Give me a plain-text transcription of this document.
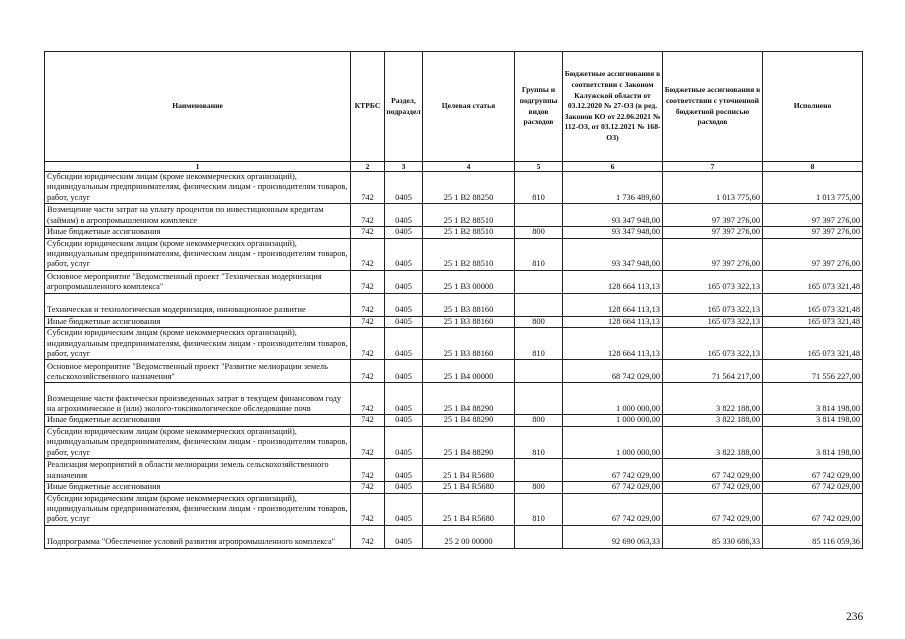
Наименование	КТРБС	Раздел, подраздел	Целевая статья	Группы и подгруппы видов расходов	Бюджетные ассигнования в соответствии с Законом Калужской области от 03.12.2020 № 27-ОЗ (в ред. Законов КО от 22.06.2021 № 112-ОЗ, от 03.12.2021 № 168-ОЗ)	Бюджетные ассигнования в соответствии с уточненной бюджетной росписью расходов	Исполнено
1	2	3	4	5	6	7	8
Субсидии юридическим лицам (кроме некоммерческих организаций), индивидуальным предпринимателям, физическим лицам - производителям товаров, работ, услуг	742	0405	25 1 B2 88250	810	1 736 489,60	1 013 775,60	1 013 775,00
Возмещение части затрат на уплату процентов по инвестиционным кредитам (займам) в агропромышленном комплексе	742	0405	25 1 B2 88510		93 347 948,00	97 397 276,00	97 397 276,00
Иные бюджетные ассигнования	742	0405	25 1 B2 88510	800	93 347 948,00	97 397 276,00	97 397 276,00
Субсидии юридическим лицам (кроме некоммерческих организаций), индивидуальным предпринимателям, физическим лицам - производителям товаров, работ, услуг	742	0405	25 1 B2 88510	810	93 347 948,00	97 397 276,00	97 397 276,00
Основное мероприятие "Ведомственный проект "Техническая модернизация агропромышленного комплекса"	742	0405	25 1 B3 00000		128 664 113,13	165 073 322,13	165 073 321,48
Техническая и технологическая модернизация, инновационное развитие	742	0405	25 1 B3 88160		128 664 113,13	165 073 322,13	165 073 321,48
Иные бюджетные ассигнования	742	0405	25 1 B3 88160	800	128 664 113,13	165 073 322,13	165 073 321,48
Субсидии юридическим лицам (кроме некоммерческих организаций), индивидуальным предпринимателям, физическим лицам - производителям товаров, работ, услуг	742	0405	25 1 B3 88160	810	128 664 113,13	165 073 322,13	165 073 321,48
Основное мероприятие "Ведомственный проект "Развитие мелиорации земель сельскохозяйственного назначения"	742	0405	25 1 B4 00000		68 742 029,00	71 564 217,00	71 556 227,00
Возмещение части фактически произведенных затрат в текущем финансовом году на агрохимическое и (или) эколого-токсикологическое обследование почв	742	0405	25 1 B4 88290		1 000 000,00	3 822 188,00	3 814 198,00
Иные бюджетные ассигнования	742	0405	25 1 B4 88290	800	1 000 000,00	3 822 188,00	3 814 198,00
Субсидии юридическим лицам (кроме некоммерческих организаций), индивидуальным предпринимателям, физическим лицам - производителям товаров, работ, услуг	742	0405	25 1 B4 88290	810	1 000 000,00	3 822 188,00	3 814 198,00
Реализация мероприятий в области мелиорации земель сельскохозяйственного назначения	742	0405	25 1 B4 R5680		67 742 029,00	67 742 029,00	67 742 029,00
Иные бюджетные ассигнования	742	0405	25 1 B4 R5680	800	67 742 029,00	67 742 029,00	67 742 029,00
Субсидии юридическим лицам (кроме некоммерческих организаций), индивидуальным предпринимателям, физическим лицам - производителям товаров, работ, услуг	742	0405	25 1 B4 R5680	810	67 742 029,00	67 742 029,00	67 742 029,00
Подпрограмма "Обеспечение условий развития агропромышленного комплекса"	742	0405	25 2 00 00000		92 690 063,33	85 330 686,33	85 116 059,36
236
